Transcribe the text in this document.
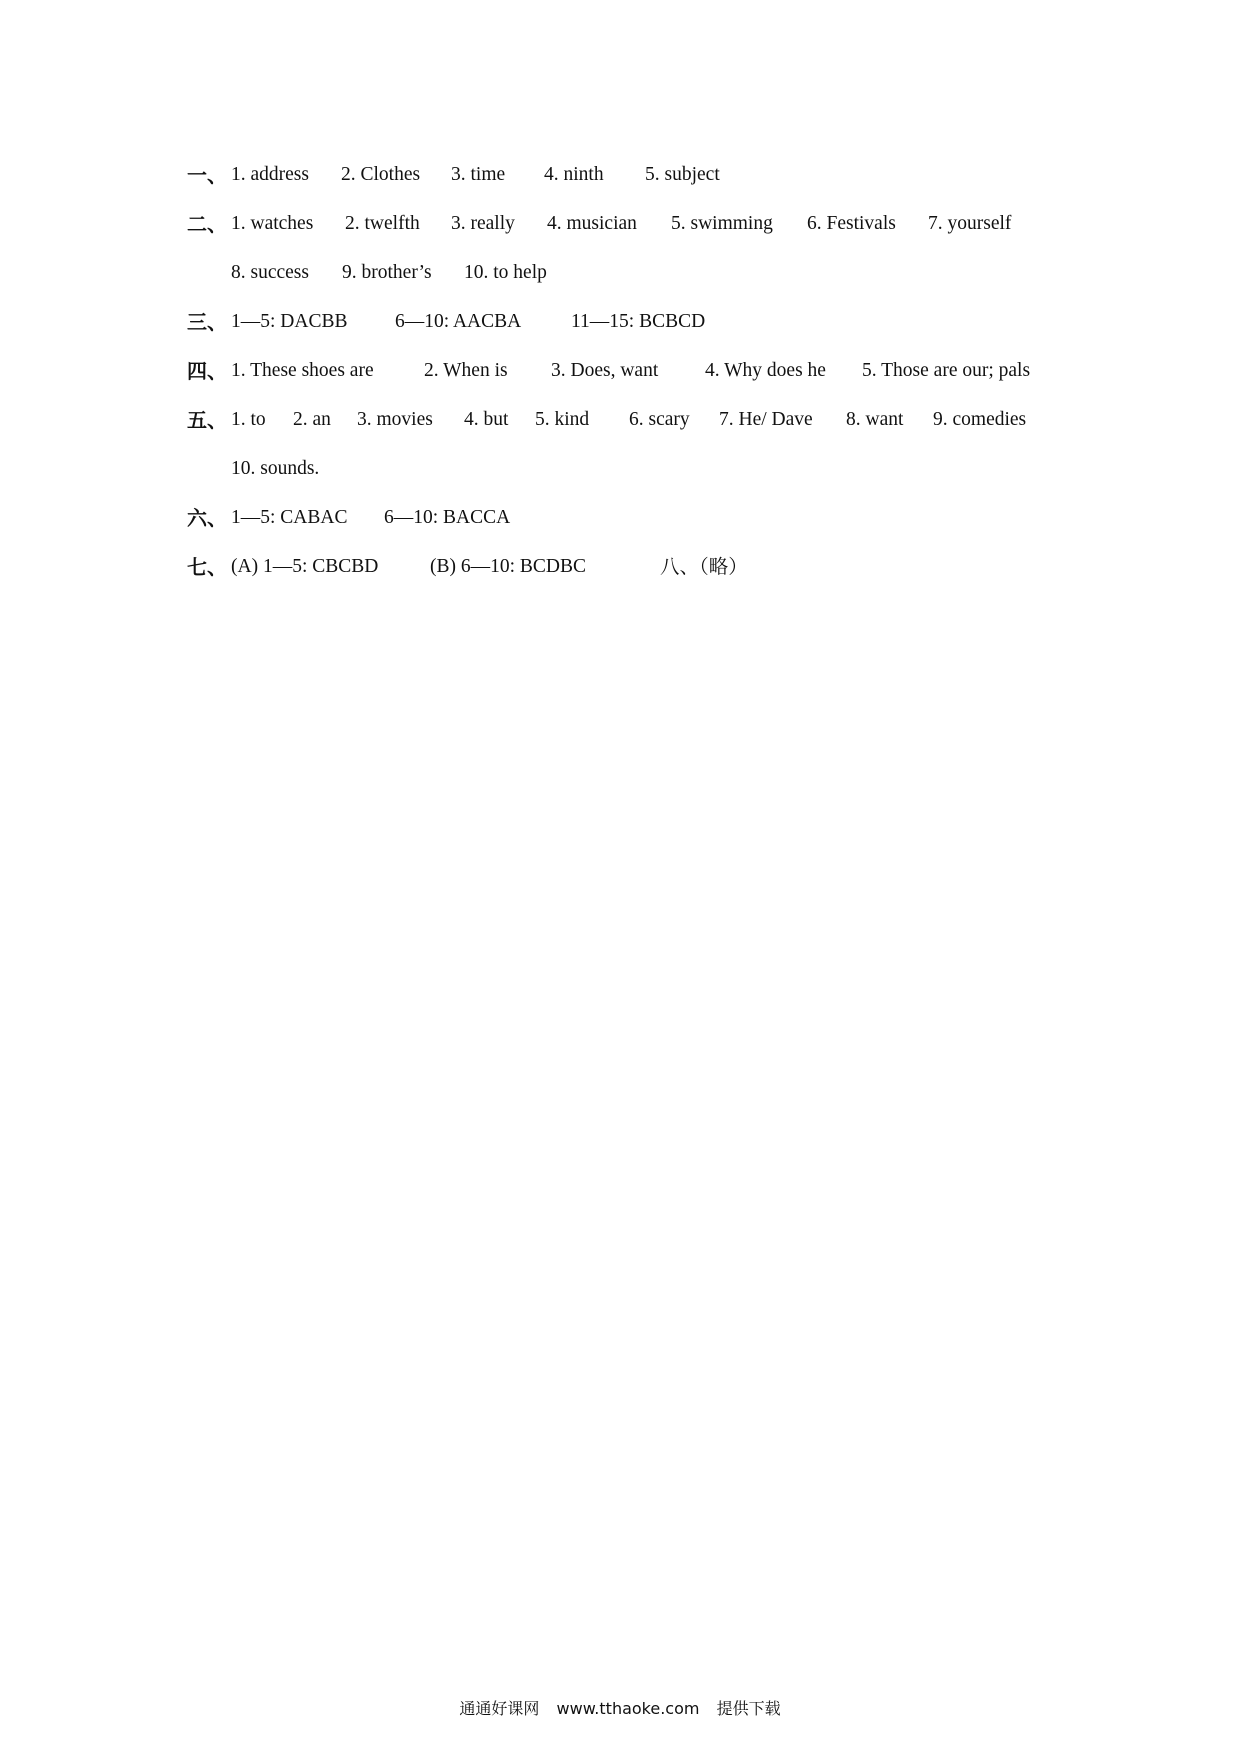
一、 1. address 2. Clothes 3. time 4. ninth 5. subject
二、 1. watches 2. twelfth 3. really 4. musician 5. swimming 6. Festivals 7. yourself
8. success 9. brother’s 10. to help
三、 1—5: DACBB 6—10: AACBA	11—15: BCBCD
四、 1. These shoes are	2. When is 3. Does, want 4. Why does he 5. Those are our; pals
五、 1. to 2. an 3. movies 4. but 5. kind 6. scary 7. He/ Dave 8. want 9. comedies
10. sounds.
六、 1—5: CABAC 6—10: BACCA
七、 (A) 1—5: CBCBD	(B) 6—10: BCDBC	八、（略）
通通好课网 www.tthaoke.com 提供下载
